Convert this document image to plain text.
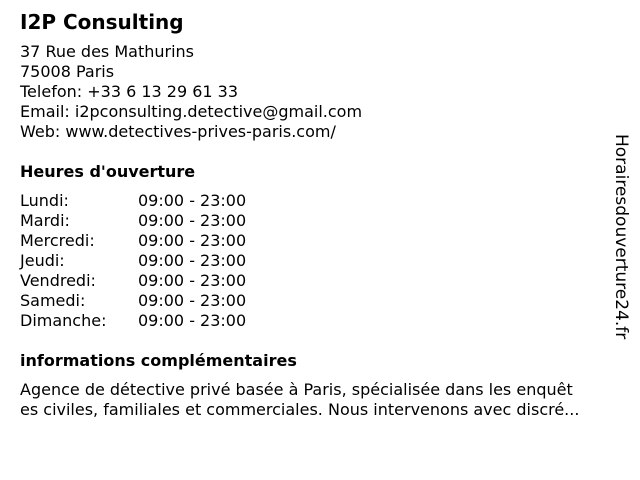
I2P Consulting
37 Rue des Mathurins
75008 Paris
Telefon: +33 6 13 29 61 33
Email: i2pconsulting.detective@gmail.com
Web: www.detectives-prives-paris.com/
Heures d'ouverture
Lundi:	09:00 - 23:00
Mardi:	09:00 - 23:00
Mercredi:	09:00 - 23:00
Jeudi:	09:00 - 23:00
Vendredi:	09:00 - 23:00
Samedi:	09:00 - 23:00
Dimanche:	09:00 - 23:00
informations complémentaires
Agence de détective privé basée à Paris, spécialisée dans les enquêt
es civiles, familiales et commerciales. Nous intervenons avec discré...
Horairesdouverture24.fr
